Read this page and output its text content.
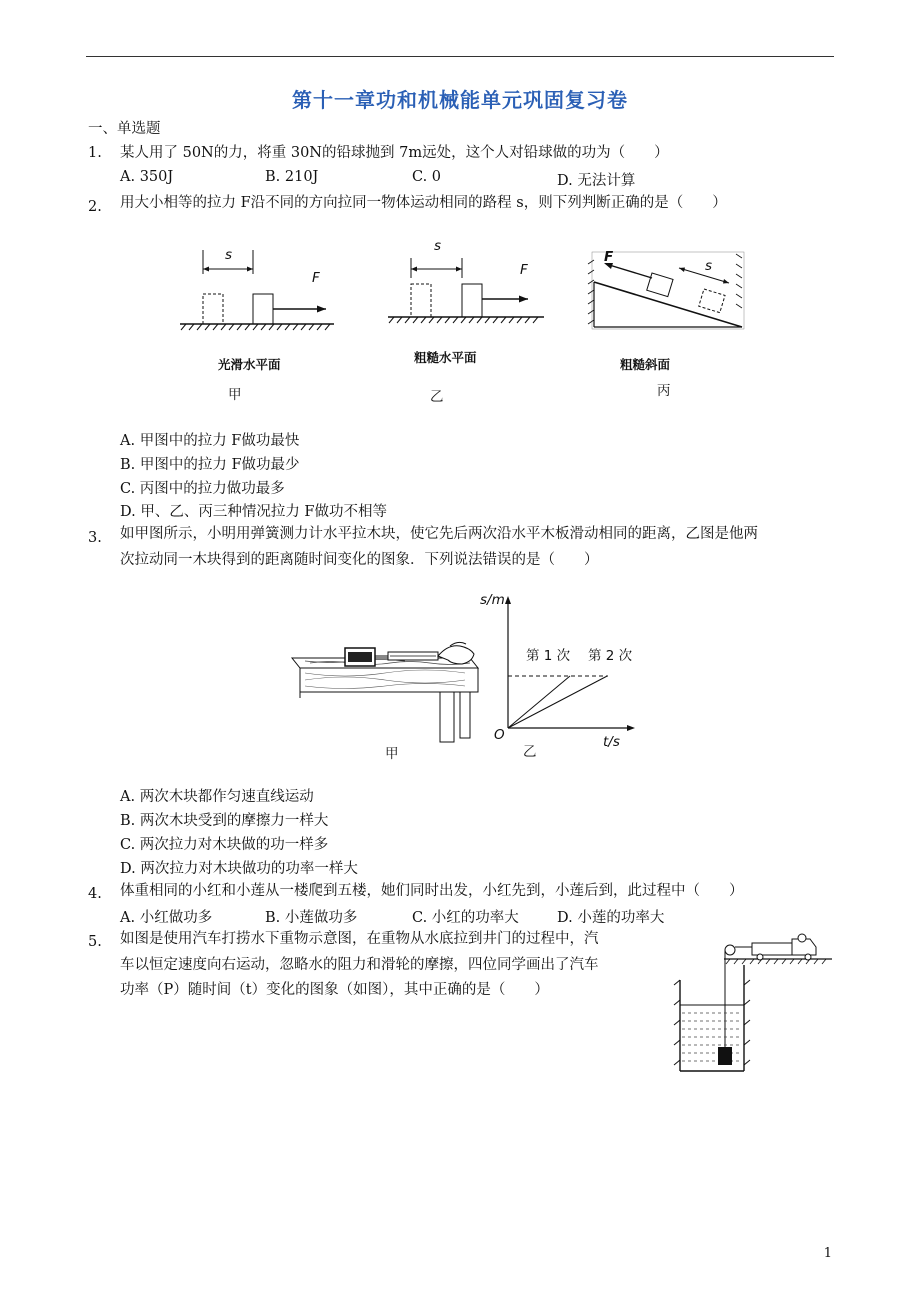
第十一章功和机械能单元巩固复习卷
一、单选题
1. 某人用了 50N的力，将重 30N的铅球抛到 7m远处，这个人对铅球做的功为（　　）
A. 350J	B. 210J	C. 0	D. 无法计算
2. 用大小相等的拉力 F沿不同的方向拉同一物体运动相同的路程 s，则下列判断正确的是（　　）
s
F
光滑水平面
甲
s
F
粗糙水平面
乙
F
s
粗糙斜面
丙
A. 甲图中的拉力 F做功最快
B. 甲图中的拉力 F做功最少
C. 丙图中的拉力做功最多
D. 甲、乙、丙三种情况拉力 F做功不相等
3. 如甲图所示，小明用弹簧测力计水平拉木块，使它先后两次沿水平木板滑动相同的距离，乙图是他两
次拉动同一木块得到的距离随时间变化的图象．下列说法错误的是（　　）
甲
s/m
t/s
O
第 1 次 第 2 次
乙
A. 两次木块都作匀速直线运动
B. 两次木块受到的摩擦力一样大
C. 两次拉力对木块做的功一样多
D. 两次拉力对木块做功的功率一样大
4. 体重相同的小红和小莲从一楼爬到五楼，她们同时出发，小红先到，小莲后到，此过程中（　　）
A. 小红做功多	B. 小莲做功多	C. 小红的功率大	D. 小莲的功率大
5. 如图是使用汽车打捞水下重物示意图，在重物从水底拉到井门的过程中，汽
车以恒定速度向右运动，忽略水的阻力和滑轮的摩擦，四位同学画出了汽车
功率（P）随时间（t）变化的图象（如图），其中正确的是（　　）
1
